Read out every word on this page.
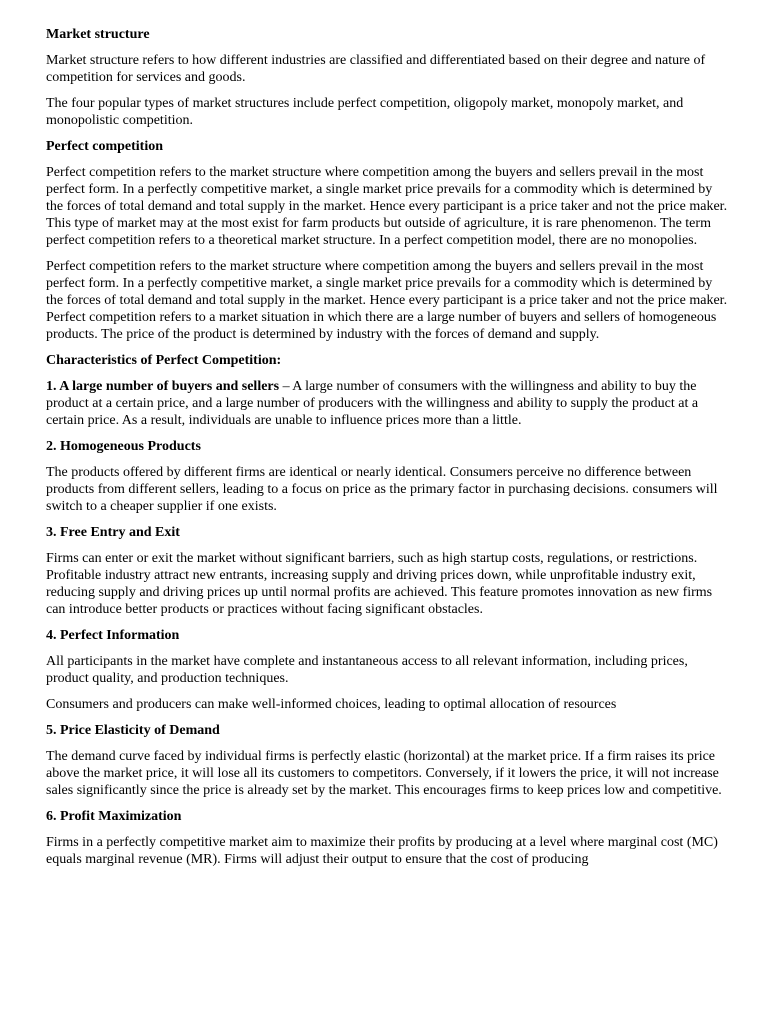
Market structure

Market structure refers to how different industries are classified and differentiated based on their degree and nature of competition for services and goods.

The four popular types of market structures include perfect competition, oligopoly market, monopoly market, and monopolistic competition.

Perfect competition

Perfect competition refers to the market structure where competition among the buyers and sellers prevail in the most perfect form. In a perfectly competitive market, a single market price prevails for a commodity which is determined by the forces of total demand and total supply in the market. Hence every participant is a price taker and not the price maker. This type of market may at the most exist for farm products but outside of agriculture, it is rare phenomenon. The term perfect competition refers to a theoretical market structure. In a perfect competition model, there are no monopolies.

Perfect competition refers to the market structure where competition among the buyers and sellers prevail in the most perfect form. In a perfectly competitive market, a single market price prevails for a commodity which is determined by the forces of total demand and total supply in the market. Hence every participant is a price taker and not the price maker. Perfect competition refers to a market situation in which there are a large number of buyers and sellers of homogeneous products. The price of the product is determined by industry with the forces of demand and supply.

Characteristics of Perfect Competition:

1. A large number of buyers and sellers – A large number of consumers with the willingness and ability to buy the product at a certain price, and a large number of producers with the willingness and ability to supply the product at a certain price. As a result, individuals are unable to influence prices more than a little.

2. Homogeneous Products

The products offered by different firms are identical or nearly identical. Consumers perceive no difference between products from different sellers, leading to a focus on price as the primary factor in purchasing decisions. consumers will switch to a cheaper supplier if one exists.

3. Free Entry and Exit

Firms can enter or exit the market without significant barriers, such as high startup costs, regulations, or restrictions. Profitable industry attract new entrants, increasing supply and driving prices down, while unprofitable industry exit, reducing supply and driving prices up until normal profits are achieved. This feature promotes innovation as new firms can introduce better products or practices without facing significant obstacles.

4. Perfect Information

All participants in the market have complete and instantaneous access to all relevant information, including prices, product quality, and production techniques.

Consumers and producers can make well-informed choices, leading to optimal allocation of resources

5. Price Elasticity of Demand

The demand curve faced by individual firms is perfectly elastic (horizontal) at the market price. If a firm raises its price above the market price, it will lose all its customers to competitors. Conversely, if it lowers the price, it will not increase sales significantly since the price is already set by the market. This encourages firms to keep prices low and competitive.

6. Profit Maximization

Firms in a perfectly competitive market aim to maximize their profits by producing at a level where marginal cost (MC) equals marginal revenue (MR). Firms will adjust their output to ensure that the cost of producing
